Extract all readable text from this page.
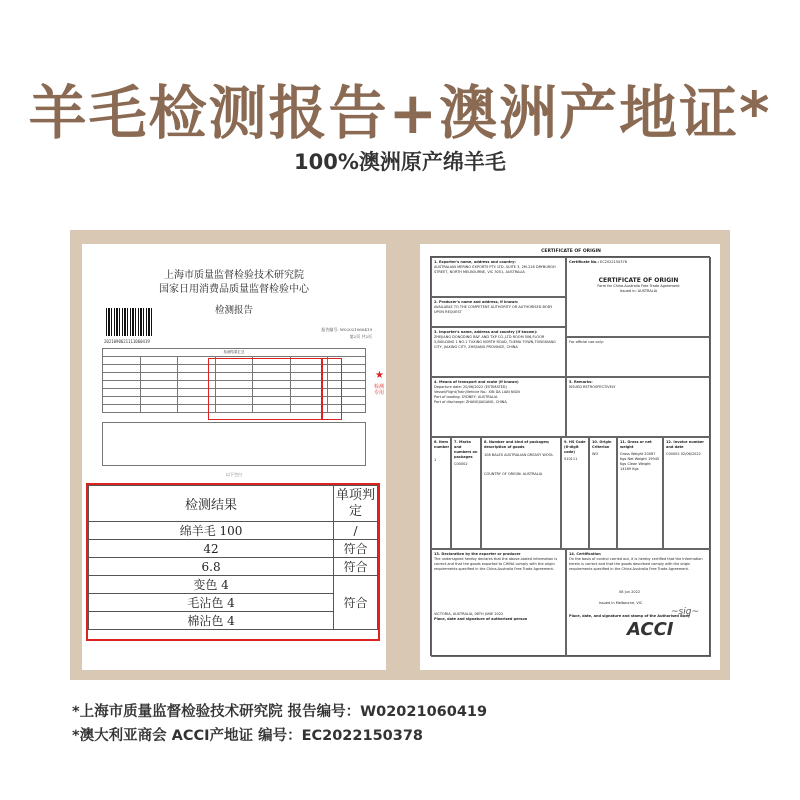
羊毛检测报告+澳洲产地证*
100%澳洲原产绵羊毛
上海市质量监督检验技术研究院
国家日用消费品质量监督检验中心
检测报告
2021090621111060419
报告编号: W02021060419
第2页 共2页
检测结果汇总						

★
检测专用
以下空白
检测结果	单项判定
绵羊毛 100	/
42	符合
6.8	符合
变色 4	符合
毛沾色 4	
棉沾色 4	
CERTIFICATE OF ORIGIN
1. Exporter's name, address and country:
AUSTRALIAN MERINO EXPORTS PTY. LTD. SUITE 3, 2M-216 DRYBURGH STREET, NORTH MELBOURNE, VIC 3051, AUSTRALIA
Certificate No.: EC2022150378
CERTIFICATE OF ORIGIN
Form for China-Australia Free Trade Agreement
Issued in: AUSTRALIA
2. Producer's name and address, if known:
AVAILABLE TO THE COMPETENT AUTHORITY OR AUTHORISED BODY UPON REQUEST
3. Importer's name, address and country (if known):
ZHEJIANG DONGDING B&F AND TXP CO.,LTD ROOM 506,FLOOR 5,BUILDING 1 NO.1 TUXING NORTH ROAD, TUEMA TOWN,TONGXIANG CITY, JIAXING CITY, ZHEJIANG PROVINCE, CHINA
For official use only:
4. Means of transport and route (if known)
Departure date: 20/06/2022 (ESTIMATED)
Vessel/Flight/Train/Vehicle No.: XIN DA LIAN NIGN
Port of loading: SYDNEY, AUSTRALIA
Port of discharge: ZHANGJIAGANG, CHINA
5. Remarks:
ISSUED RETROSPECTIVELY
6. Item number
1
7. Marks and numbers on packages
C00002
8. Number and kind of packages; description of goods
108 BALES AUSTRALIAN GREASY WOOL
COUNTRY OF ORIGIN: AUSTRALIA
9. HS Code (6-digit code)
510111
10. Origin Criterion
WO
11. Gross or net weight
Gross Weight 20067 Kgs Net Weight 19945 Kgs Clean Weight 14169 Kgs
12. Invoice number and date
C00002 02/06/2022
13. Declaration by the exporter or producer
The undersigned hereby declares that the above-stated information is correct and that the goods exported to CHINA comply with the origin requirements specified in the China-Australia Free Trade Agreement.
VICTORIA, AUSTRALIA, 06TH JUNE 2022
Place, date and signature of authorised person
14. Certification
On the basis of control carried out, it is hereby certified that the information herein is correct and that the goods described comply with the origin requirements specified in the China-Australia Free Trade Agreement.
08 Jun 2022
Issued in Melbourne, VIC
Place, date, and signature and stamp of the Authorised Body
ACCI
~sig~
*上海市质量监督检验技术研究院 报告编号：W02021060419
*澳大利亚商会 ACCI产地证 编号：EC2022150378
